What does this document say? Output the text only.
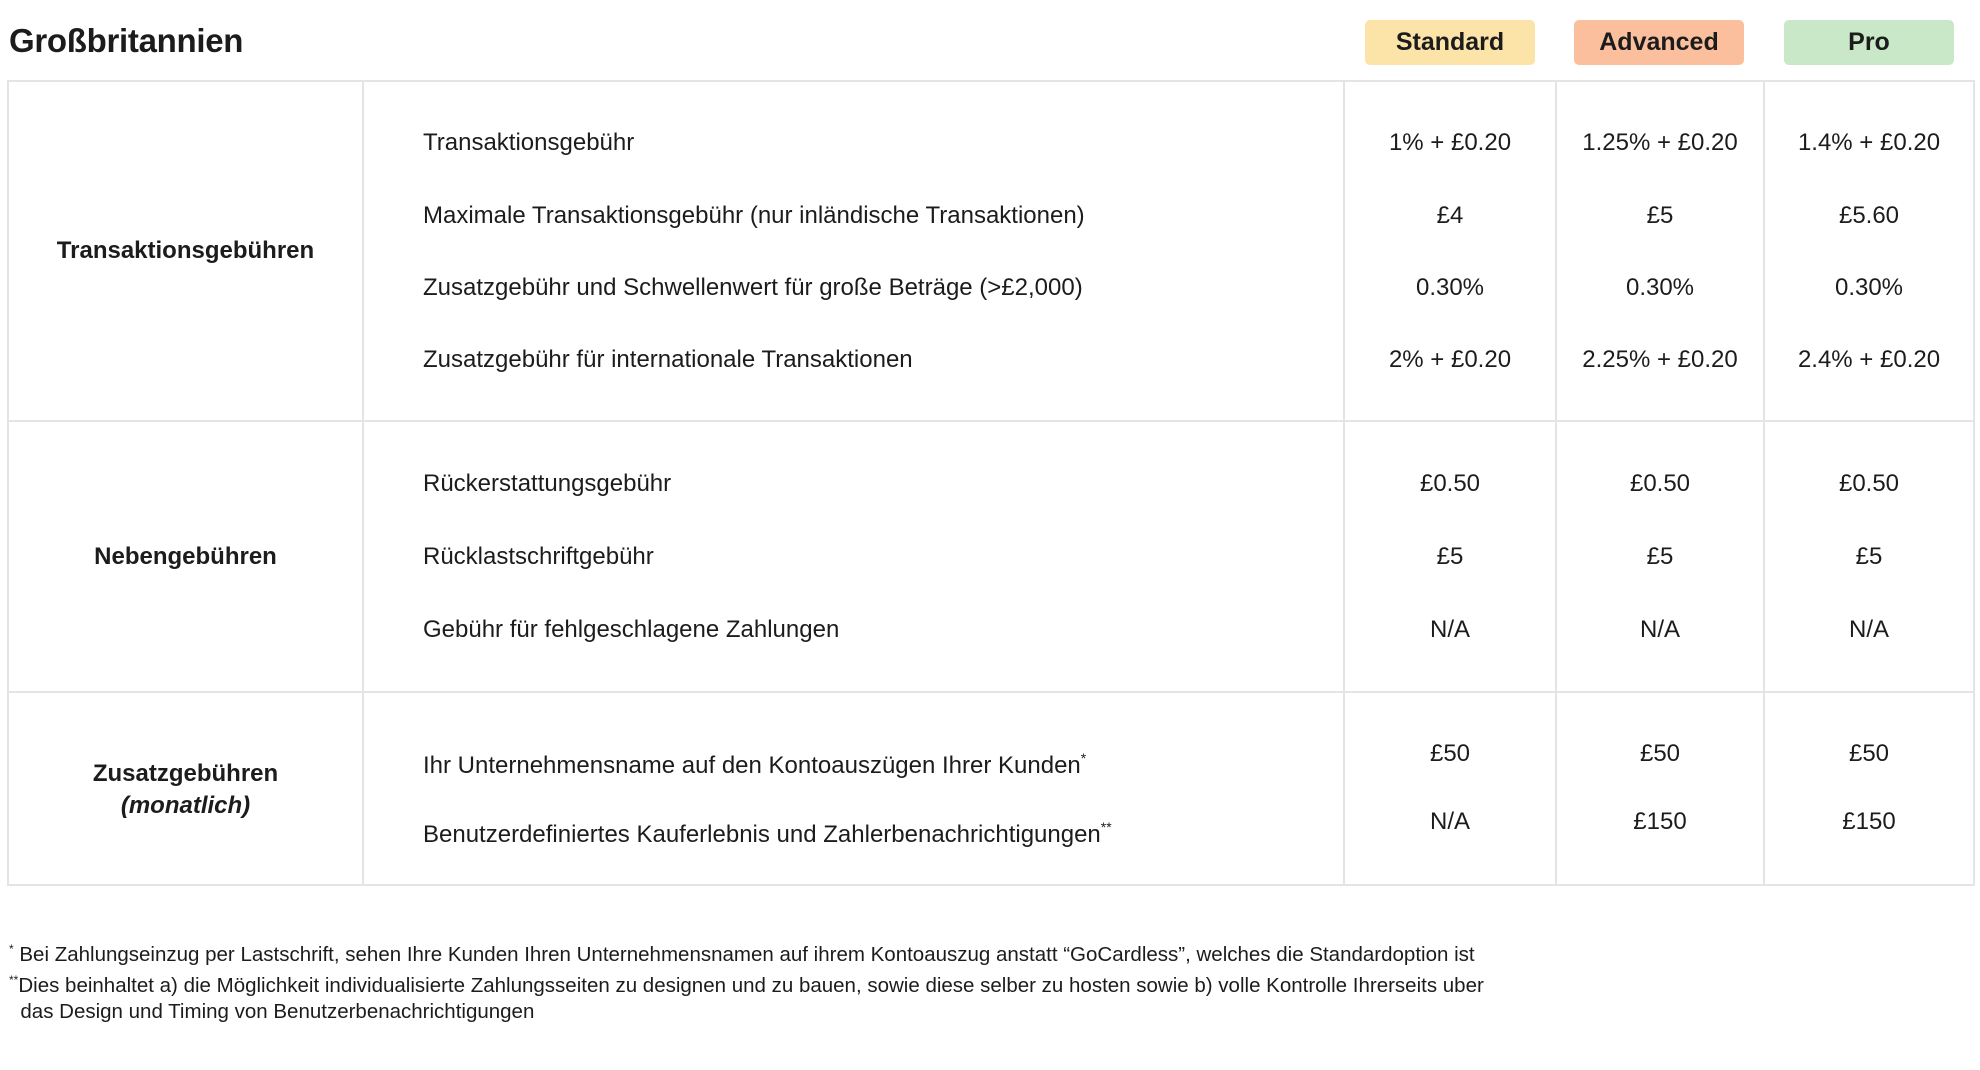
Großbritannien	Standard	Advanced	Pro
Transaktionsgebühren
Transaktionsgebühr	1% + £0.20	1.25% + £0.20	1.4% + £0.20
Maximale Transaktionsgebühr (nur inländische Transaktionen)	£4	£5	£5.60
Zusatzgebühr und Schwellenwert für große Beträge (>£2,000)	0.30%	0.30%	0.30%
Zusatzgebühr für internationale Transaktionen	2% + £0.20	2.25% + £0.20	2.4% + £0.20
Nebengebühren
Rückerstattungsgebühr	£0.50	£0.50	£0.50
Rücklastschriftgebühr	£5	£5	£5
Gebühr für fehlgeschlagene Zahlungen	N/A	N/A	N/A
Zusatzgebühren
(monatlich)
Ihr Unternehmensname auf den Kontoauszügen Ihrer Kunden*	£50	£50	£50
Benutzerdefiniertes Kauferlebnis und Zahlerbenachrichtigungen**	N/A	£150	£150
* Bei Zahlungseinzug per Lastschrift, sehen Ihre Kunden Ihren Unternehmensnamen auf ihrem Kontoauszug anstatt “GoCardless”, welches die Standardoption ist
**Dies beinhaltet a) die Möglichkeit individualisierte Zahlungsseiten zu designen und zu bauen, sowie diese selber zu hosten sowie b) volle Kontrolle Ihrerseits uber
das Design und Timing von Benutzerbenachrichtigungen
